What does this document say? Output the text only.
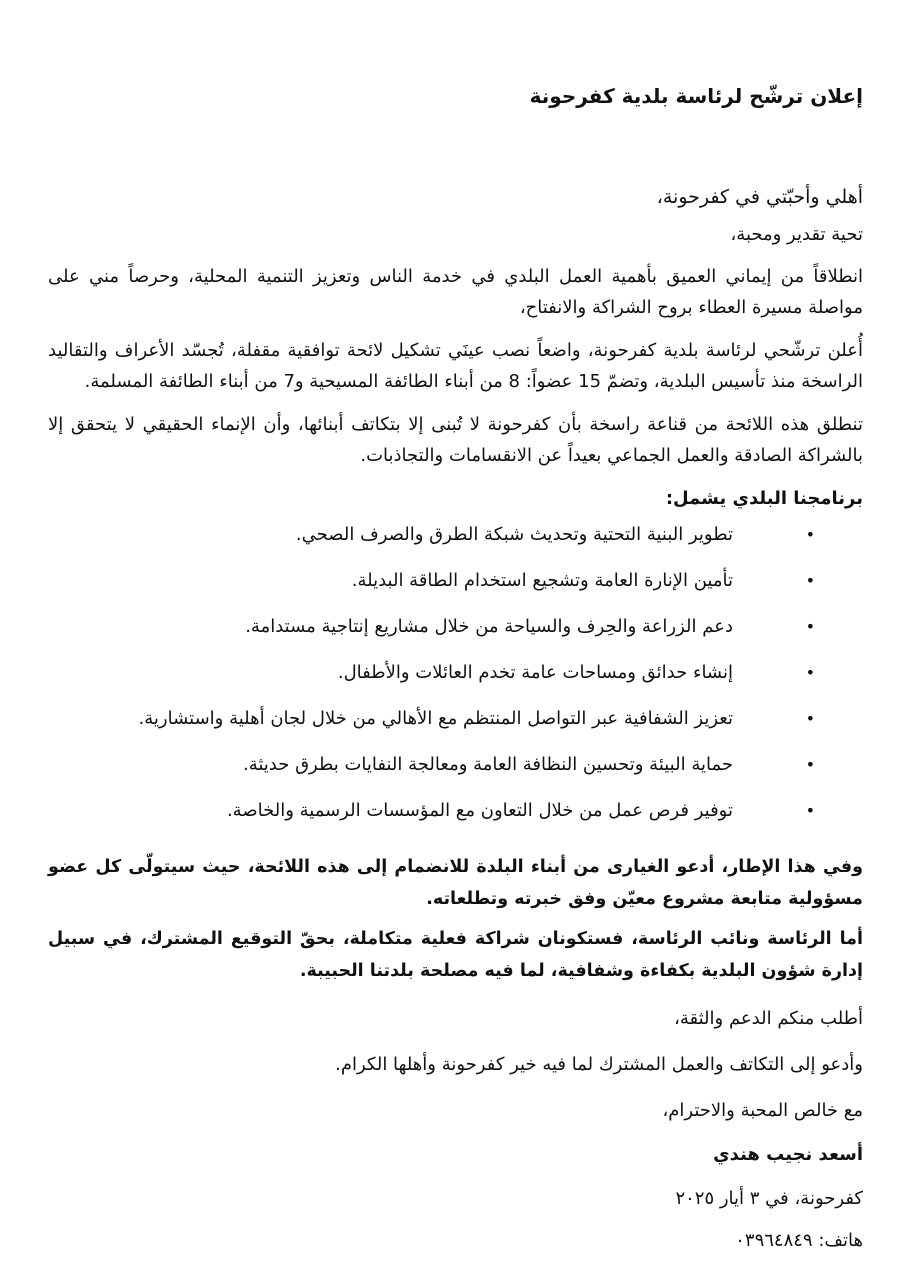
إعلان ترشّح لرئاسة بلدية كفرحونة
أهلي وأحبّتي في كفرحونة،
تحية تقدير ومحبة،

انطلاقاً من إيماني العميق بأهمية العمل البلدي في خدمة الناس وتعزيز التنمية المحلية، وحرصاً مني على مواصلة مسيرة العطاء بروح الشراكة والانفتاح،

أُعلن ترشّحي لرئاسة بلدية كفرحونة، واضعاً نصب عينَي تشكيل لائحة توافقية مقفلة، تُجسّد الأعراف والتقاليد الراسخة منذ تأسيس البلدية، وتضمّ 15 عضواً: 8 من أبناء الطائفة المسيحية و7 من أبناء الطائفة المسلمة.

تنطلق هذه اللائحة من قناعة راسخة بأن كفرحونة لا تُبنى إلا بتكاتف أبنائها، وأن الإنماء الحقيقي لا يتحقق إلا بالشراكة الصادقة والعمل الجماعي بعيداً عن الانقسامات والتجاذبات.

برنامجنا البلدي يشمل:
•
تطوير البنية التحتية وتحديث شبكة الطرق والصرف الصحي.
•
تأمين الإنارة العامة وتشجيع استخدام الطاقة البديلة.
•
دعم الزراعة والحِرف والسياحة من خلال مشاريع إنتاجية مستدامة.
•
إنشاء حدائق ومساحات عامة تخدم العائلات والأطفال.
•
تعزيز الشفافية عبر التواصل المنتظم مع الأهالي من خلال لجان أهلية واستشارية.
•
حماية البيئة وتحسين النظافة العامة ومعالجة النفايات بطرق حديثة.
•
توفير فرص عمل من خلال التعاون مع المؤسسات الرسمية والخاصة.

وفي هذا الإطار، أدعو الغيارى من أبناء البلدة للانضمام إلى هذه اللائحة، حيث سيتولّى كل عضو مسؤولية متابعة مشروع معيّن وفق خبرته وتطلعاته.

أما الرئاسة ونائب الرئاسة، فستكونان شراكة فعلية متكاملة، بحقّ التوقيع المشترك، في سبيل إدارة شؤون البلدية بكفاءة وشفافية، لما فيه مصلحة بلدتنا الحبيبة.

أطلب منكم الدعم والثقة،
وأدعو إلى التكاتف والعمل المشترك لما فيه خير كفرحونة وأهلها الكرام.
مع خالص المحبة والاحترام،
أسعد نجيب هندي
كفرحونة، في ٣ أيار ٢٠٢٥
هاتف: ٠٣٩٦٤٨٤٩
